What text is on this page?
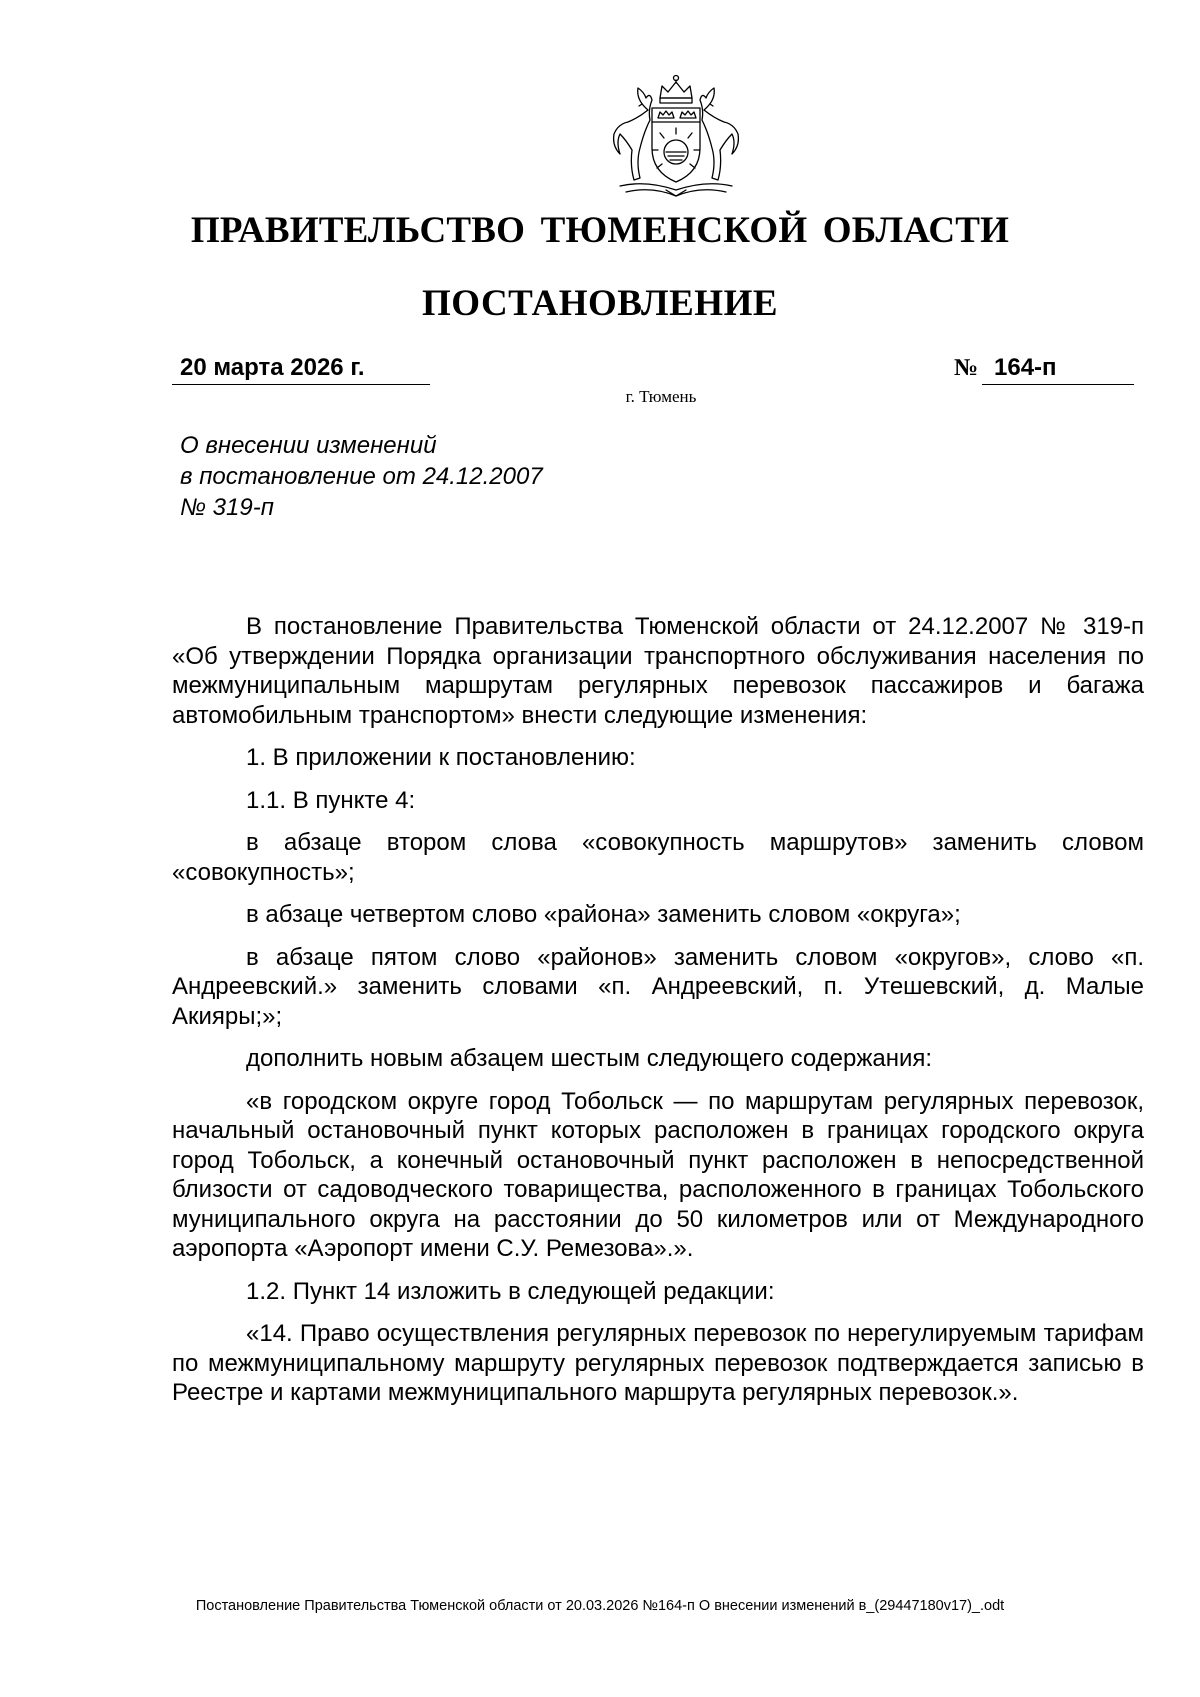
ПРАВИТЕЛЬСТВО ТЮМЕНСКОЙ ОБЛАСТИ
ПОСТАНОВЛЕНИЕ
20 марта 2026 г.	№ 164-п
г. Тюмень
О внесении изменений
в постановление от 24.12.2007
№ 319-п

В постановление Правительства Тюменской области от 24.12.2007 № 319-п «Об утверждении Порядка организации транспортного обслуживания населения по межмуниципальным маршрутам регулярных перевозок пассажиров и багажа автомобильным транспортом» внести следующие изменения:

1. В приложении к постановлению:

1.1. В пункте 4:

в абзаце втором слова «совокупность маршрутов» заменить словом «совокупность»;

в абзаце четвертом слово «района» заменить словом «округа»;

в абзаце пятом слово «районов» заменить словом «округов», слово «п. Андреевский.» заменить словами «п. Андреевский, п. Утешевский, д. Малые Акияры;»;

дополнить новым абзацем шестым следующего содержания:

«в городском округе город Тобольск — по маршрутам регулярных перевозок, начальный остановочный пункт которых расположен в границах городского округа город Тобольск, а конечный остановочный пункт расположен в непосредственной близости от садоводческого товарищества, расположенного в границах Тобольского муниципального округа на расстоянии до 50 километров или от Международного аэропорта «Аэропорт имени С.У. Ремезова».».

1.2. Пункт 14 изложить в следующей редакции:

«14. Право осуществления регулярных перевозок по нерегулируемым тарифам по межмуниципальному маршруту регулярных перевозок подтверждается записью в Реестре и картами межмуниципального маршрута регулярных перевозок.».

Постановление Правительства Тюменской области от 20.03.2026 №164-п О внесении изменений в_(29447180v17)_.odt
